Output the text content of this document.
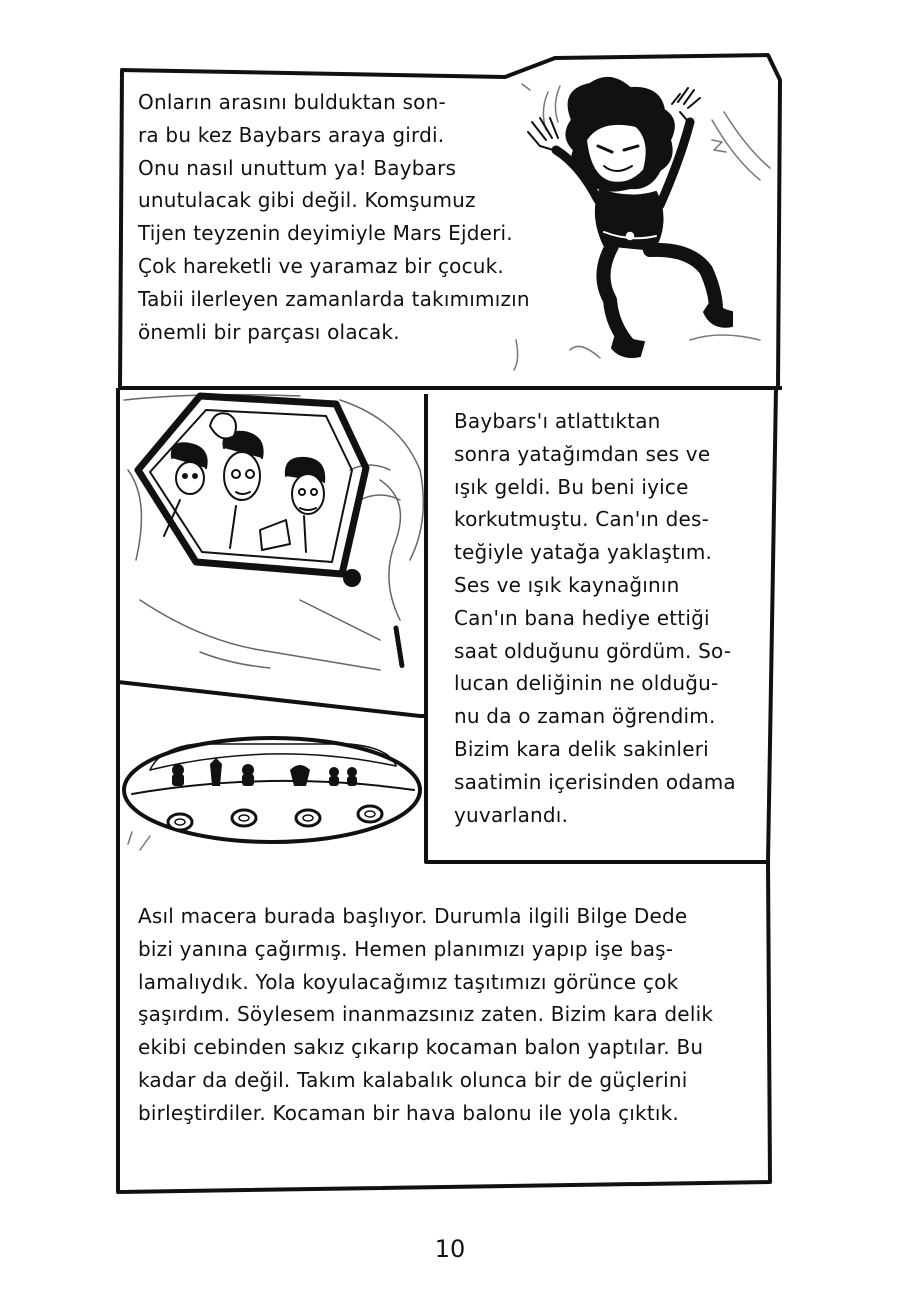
Onların arasını bulduktan son-
ra bu kez Baybars araya girdi.
Onu nasıl unuttum ya! Baybars
unutulacak gibi değil. Komşumuz
Tijen teyzenin deyimiyle Mars Ejderi.
Çok hareketli ve yaramaz bir çocuk.
Tabii ilerleyen zamanlarda takımımızın
önemli bir parçası olacak.
Baybars'ı atlattıktan
sonra yatağımdan ses ve
ışık geldi. Bu beni iyice
korkutmuştu. Can'ın des-
teğiyle yatağa yaklaştım.
Ses ve ışık kaynağının
Can'ın bana hediye ettiği
saat olduğunu gördüm. So-
lucan deliğinin ne olduğu-
nu da o zaman öğrendim.
Bizim kara delik sakinleri
saatimin içerisinden odama
yuvarlandı.
Asıl macera burada başlıyor. Durumla ilgili Bilge Dede
bizi yanına çağırmış. Hemen planımızı yapıp işe baş-
lamalıydık. Yola koyulacağımız taşıtımızı görünce çok
şaşırdım. Söylesem inanmazsınız zaten. Bizim kara delik
ekibi cebinden sakız çıkarıp kocaman balon yaptılar. Bu
kadar da değil. Takım kalabalık olunca bir de güçlerini
birleştirdiler. Kocaman bir hava balonu ile yola çıktık.
10
